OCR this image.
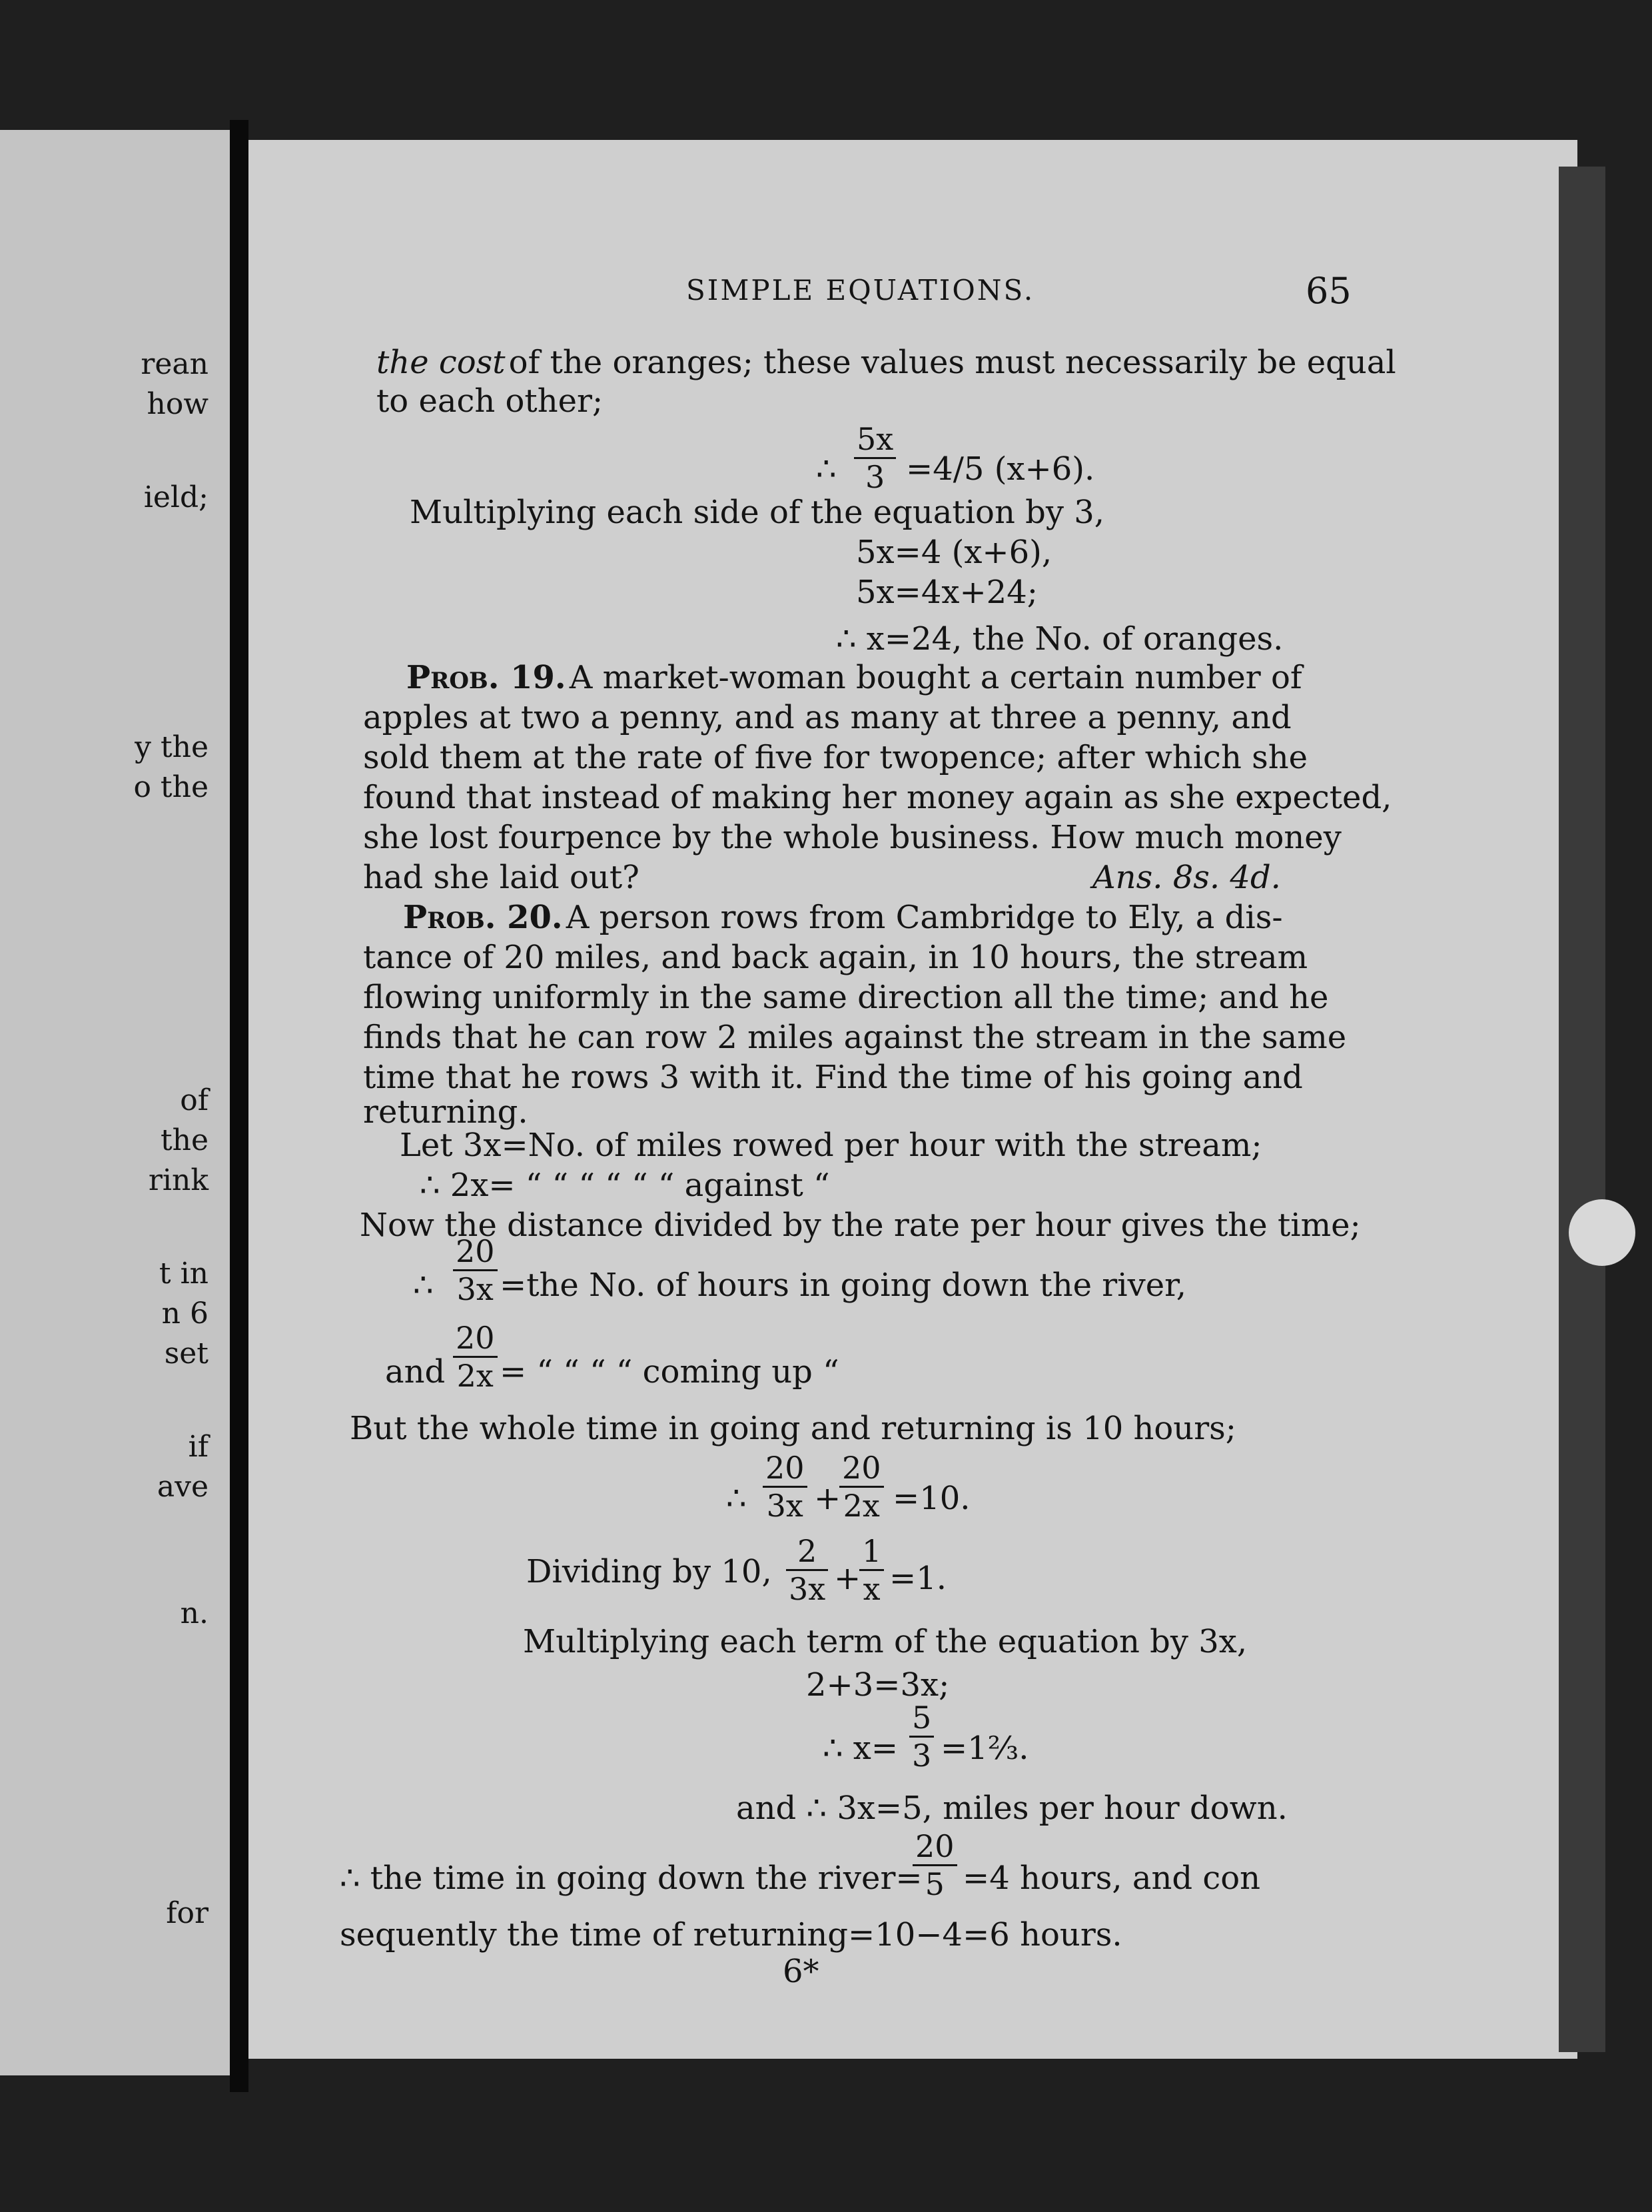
rean
how
ield;
y the
o the
of
the
rink
t in
n 6
set
if
ave
n.
for
SIMPLE EQUATIONS.	65
the cost of the oranges; these values must necessarily be equal
to each other;
∴
5x
3 =4/5 (x+6).
Multiplying each side of the equation by 3,
5x=4 (x+6),
5x=4x+24;
∴ x=24, the No. of oranges.
Prob. 19. A market-woman bought a certain number of
apples at two a penny, and as many at three a penny, and
sold them at the rate of five for twopence; after which she
found that instead of making her money again as she expected,
she lost fourpence by the whole business. How much money
had she laid out?	Ans. 8s. 4d.
Prob. 20. A person rows from Cambridge to Ely, a dis-
tance of 20 miles, and back again, in 10 hours, the stream
flowing uniformly in the same direction all the time; and he
finds that he can row 2 miles against the stream in the same
time that he rows 3 with it. Find the time of his going and
returning.
Let 3x=No. of miles rowed per hour with the stream;
∴ 2x= “ “ “ “ “ “ against “
Now the distance divided by the rate per hour gives the time;
∴
20
3x =the No. of hours in going down the river,
and
20
2x = “ “ “ “ coming up “
But the whole time in going and returning is 10 hours;
∴
20
3x +
20
2x =10.
Dividing by 10,
2
3x +
1
x =1.
Multiplying each term of the equation by 3x,
2+3=3x;
∴ x=
5
3 =1⅔.
and ∴ 3x=5, miles per hour down.
∴ the time in going down the river=
20
5 =4 hours, and con
sequently the time of returning=10−4=6 hours.
6*
